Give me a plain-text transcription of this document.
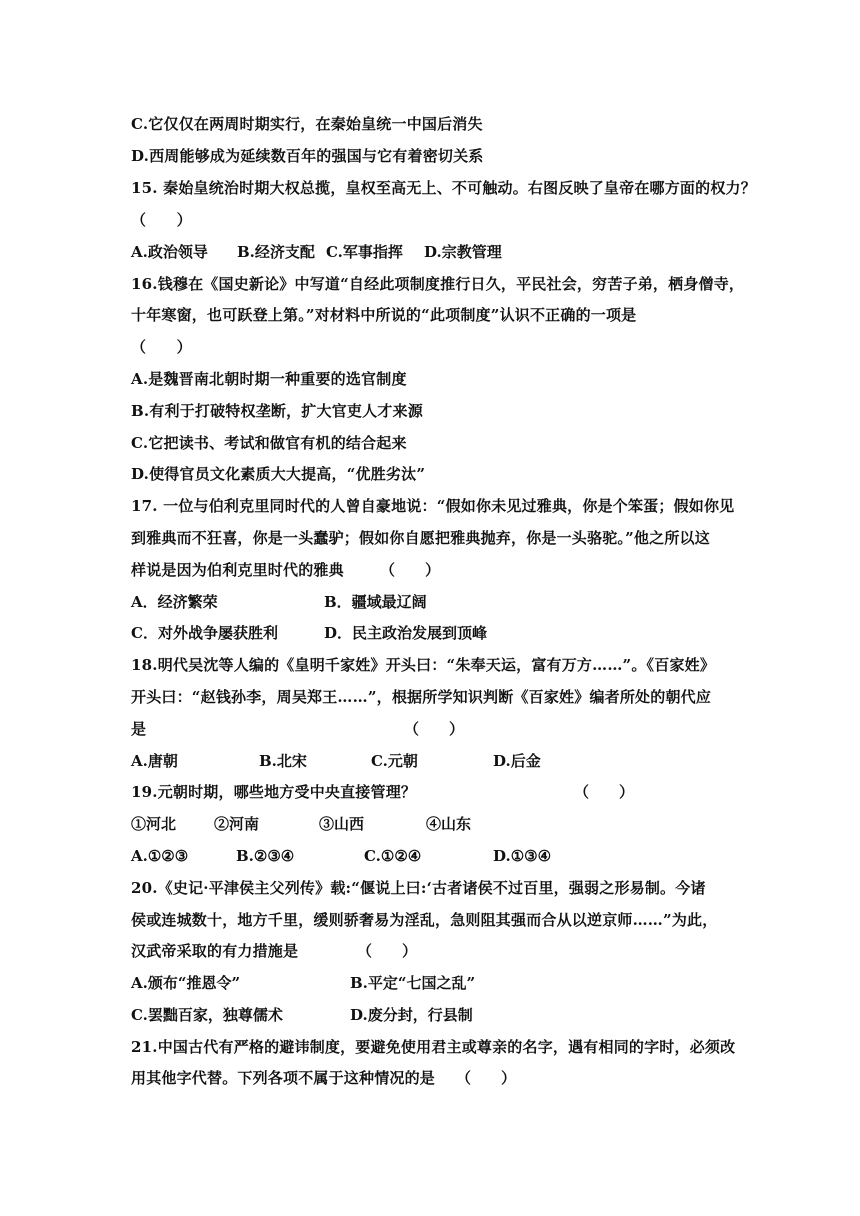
C.它仅仅在两周时期实行，在秦始皇统一中国后消失
D.西周能够成为延续数百年的强国与它有着密切关系
15. 秦始皇统治时期大权总揽，皇权至高无上、不可触动。右图反映了皇帝在哪方面的权力？
（　　）
A.政治领导 B.经济支配 C.军事指挥 D.宗教管理
16.钱穆在《国史新论》中写道“自经此项制度推行日久，平民社会，穷苦子弟，栖身僧寺，
十年寒窗，也可跃登上第。”对材料中所说的“此项制度”认识不正确的一项是
（　　）
A.是魏晋南北朝时期一种重要的选官制度
B.有利于打破特权垄断，扩大官吏人才来源
C.它把读书、考试和做官有机的结合起来
D.使得官员文化素质大大提高，“优胜劣汰”
17. 一位与伯利克里同时代的人曾自豪地说：“假如你未见过雅典，你是个笨蛋；假如你见
到雅典而不狂喜，你是一头蠢驴；假如你自愿把雅典抛弃，你是一头骆驼。”他之所以这
样说是因为伯利克里时代的雅典 （　　）
A．经济繁荣	B．疆域最辽阔
C．对外战争屡获胜利	D．民主政治发展到顶峰
18.明代吴沈等人编的《皇明千家姓》开头曰：“朱奉天运，富有万方……”。《百家姓》
开头曰：“赵钱孙李，周吴郑王……”，根据所学知识判断《百家姓》编者所处的朝代应
是	（　　）
A.唐朝	B.北宋	C.元朝	D.后金
19.元朝时期，哪些地方受中央直接管理？	（　　）
①河北	②河南	③山西	④山东
A.①②③	B.②③④	C.①②④	D.①③④
20.《史记·平津侯主父列传》载:“偃说上曰:‘古者诸侯不过百里，强弱之形易制。今诸
侯或连城数十，地方千里，缓则骄奢易为淫乱，急则阻其强而合从以逆京师……”为此，
汉武帝采取的有力措施是	（　　）
A.颁布“推恩令”	B.平定“七国之乱”
C.罢黜百家，独尊儒术	D.废分封，行县制
21.中国古代有严格的避讳制度，要避免使用君主或尊亲的名字，遇有相同的字时，必须改
用其他字代替。下列各项不属于这种情况的是 （　　）
